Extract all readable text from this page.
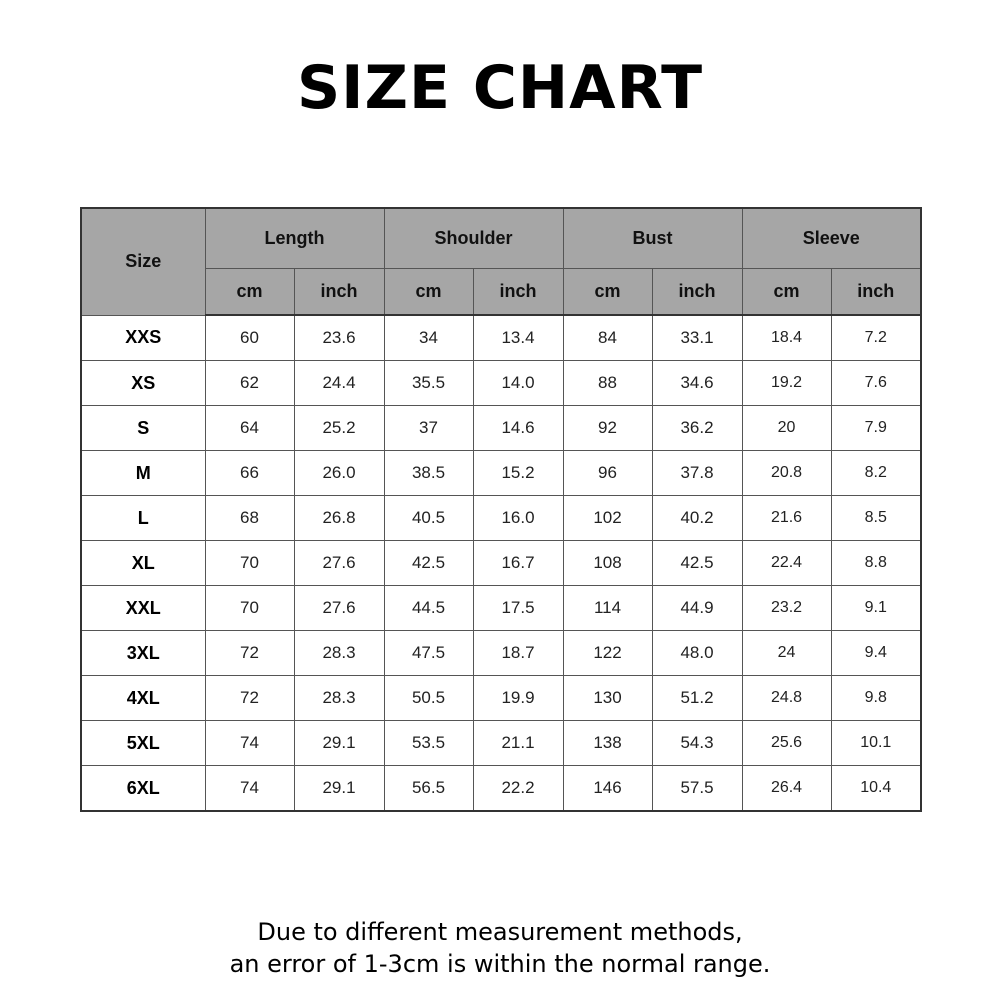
SIZE CHART
Size	Length		Shoulder		Bust		Sleeve	
	cm	inch	cm	inch	cm	inch	cm	inch
XXS	60	23.6	34	13.4	84	33.1	18.4	7.2
XS	62	24.4	35.5	14.0	88	34.6	19.2	7.6
S	64	25.2	37	14.6	92	36.2	20	7.9
M	66	26.0	38.5	15.2	96	37.8	20.8	8.2
L	68	26.8	40.5	16.0	102	40.2	21.6	8.5
XL	70	27.6	42.5	16.7	108	42.5	22.4	8.8
XXL	70	27.6	44.5	17.5	114	44.9	23.2	9.1
3XL	72	28.3	47.5	18.7	122	48.0	24	9.4
4XL	72	28.3	50.5	19.9	130	51.2	24.8	9.8
5XL	74	29.1	53.5	21.1	138	54.3	25.6	10.1
6XL	74	29.1	56.5	22.2	146	57.5	26.4	10.4
Due to different measurement methods,
an error of 1-3cm is within the normal range.
